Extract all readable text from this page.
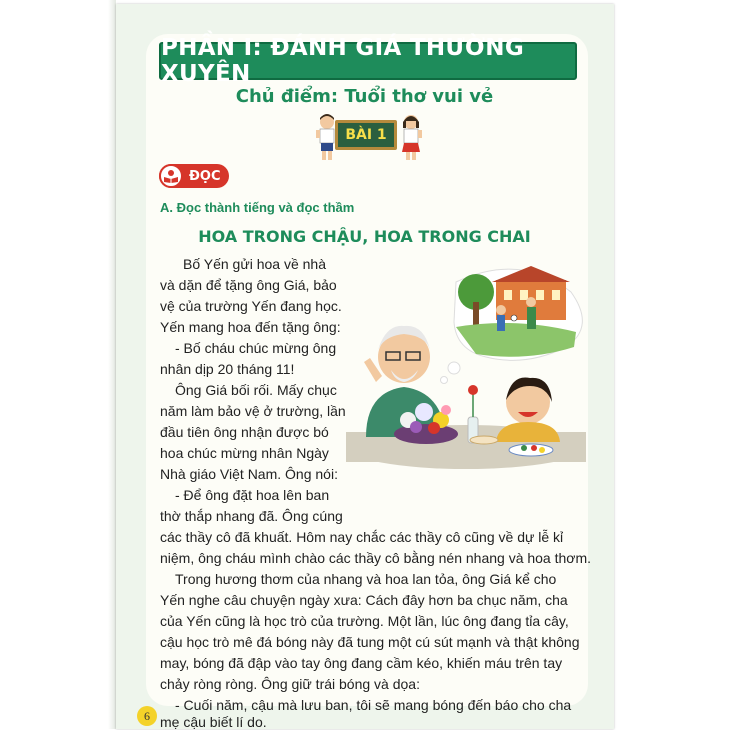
PHẦN I: ĐÁNH GIÁ THƯỜNG XUYÊN
Chủ điểm: Tuổi thơ vui vẻ
BÀI 1
ĐỌC
A. Đọc thành tiếng và đọc thầm
HOA TRONG CHẬU, HOA TRONG CHAI
Bố Yến gửi hoa về nhà
và dặn để tặng ông Giá, bảo
vệ của trường Yến đang học.
Yến mang hoa đến tặng ông:
- Bố cháu chúc mừng ông
nhân dịp 20 tháng 11!
Ông Giá bối rối. Mấy chục
năm làm bảo vệ ở trường, lần
đầu tiên ông nhận được bó
hoa chúc mừng nhân Ngày
Nhà giáo Việt Nam. Ông nói:
- Để ông đặt hoa lên ban
thờ thắp nhang đã. Ông cúng
các thầy cô đã khuất. Hôm nay chắc các thầy cô cũng về dự lễ kỉ
niệm, ông cháu mình chào các thầy cô bằng nén nhang và hoa thơm.
Trong hương thơm của nhang và hoa lan tỏa, ông Giá kể cho
Yến nghe câu chuyện ngày xưa: Cách đây hơn ba chục năm, cha
của Yến cũng là học trò của trường. Một lần, lúc ông đang tỉa cây,
cậu học trò mê đá bóng này đã tung một cú sút mạnh và thật không
may, bóng đã đập vào tay ông đang cầm kéo, khiến máu trên tay
chảy ròng ròng. Ông giữ trái bóng và dọa:
- Cuối năm, cậu mà lưu ban, tôi sẽ mang bóng đến báo cho cha
mẹ cậu biết lí do.
6
